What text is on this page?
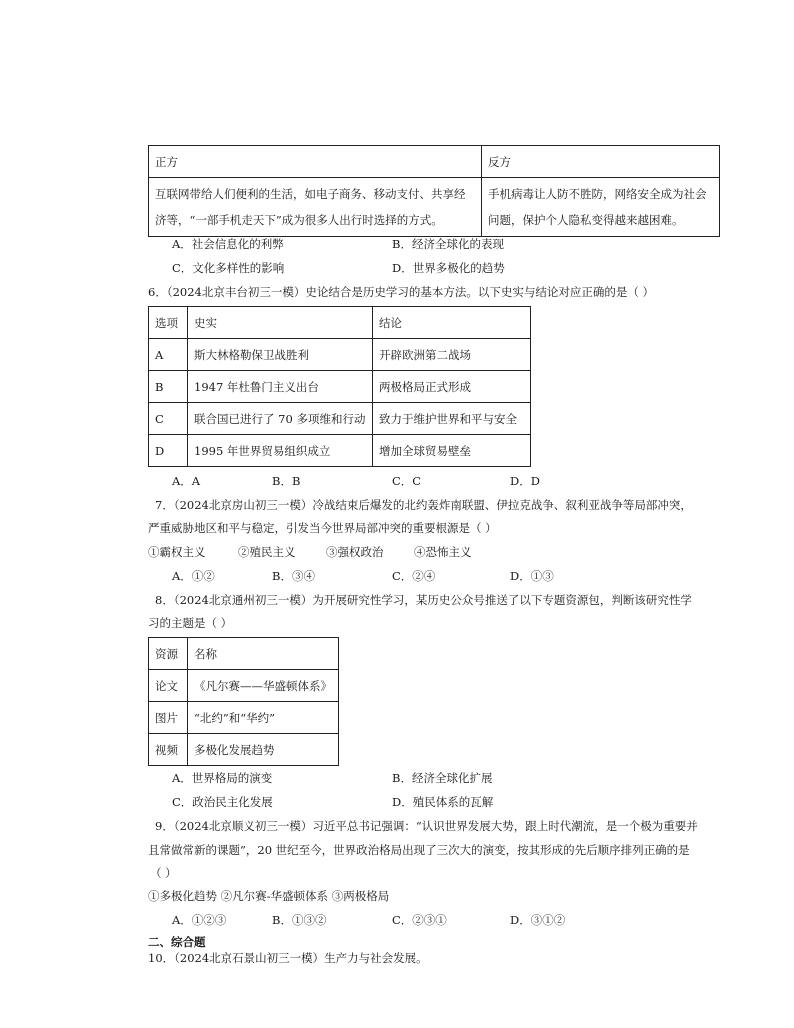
正方	反方
互联网带给人们便利的生活，如电子商务、移动支付、共享经济等，“一部手机走天下”成为很多人出行时选择的方式。	手机病毒让人防不胜防，网络安全成为社会问题，保护个人隐私变得越来越困难。
A．社会信息化的利弊	B．经济全球化的表现
C．文化多样性的影响	D．世界多极化的趋势
6．（2024北京丰台初三一模）史论结合是历史学习的基本方法。以下史实与结论对应正确的是（ ）
选项	史实	结论
A	斯大林格勒保卫战胜利	开辟欧洲第二战场
B	1947 年杜鲁门主义出台	两极格局正式形成
C	联合国已进行了 70 多项维和行动	致力于维护世界和平与安全
D	1995 年世界贸易组织成立	增加全球贸易壁垒
A．A	B．B	C．C	D．D
7．（2024北京房山初三一模）冷战结束后爆发的北约轰炸南联盟、伊拉克战争、叙利亚战争等局部冲突，
严重威胁地区和平与稳定，引发当今世界局部冲突的重要根源是（ ）
①霸权主义	②殖民主义	③强权政治	④恐怖主义
A．①②	B．③④	C．②④	D．①③
8．（2024北京通州初三一模）为开展研究性学习，某历史公众号推送了以下专题资源包，判断该研究性学
习的主题是（ ）
资源	名称
论文	《凡尔赛——华盛顿体系》
图片	“北约”和“华约”
视频	多极化发展趋势
A．世界格局的演变	B．经济全球化扩展
C．政治民主化发展	D．殖民体系的瓦解
9．（2024北京顺义初三一模）习近平总书记强调：“认识世界发展大势，跟上时代潮流，是一个极为重要并
且常做常新的课题”，20 世纪至今，世界政治格局出现了三次大的演变，按其形成的先后顺序排列正确的是
（ ）
①多极化趋势 ②凡尔赛-华盛顿体系 ③两极格局
A．①②③	B．①③②	C．②③①	D．③①②
二、综合题
10．（2024北京石景山初三一模）生产力与社会发展。
